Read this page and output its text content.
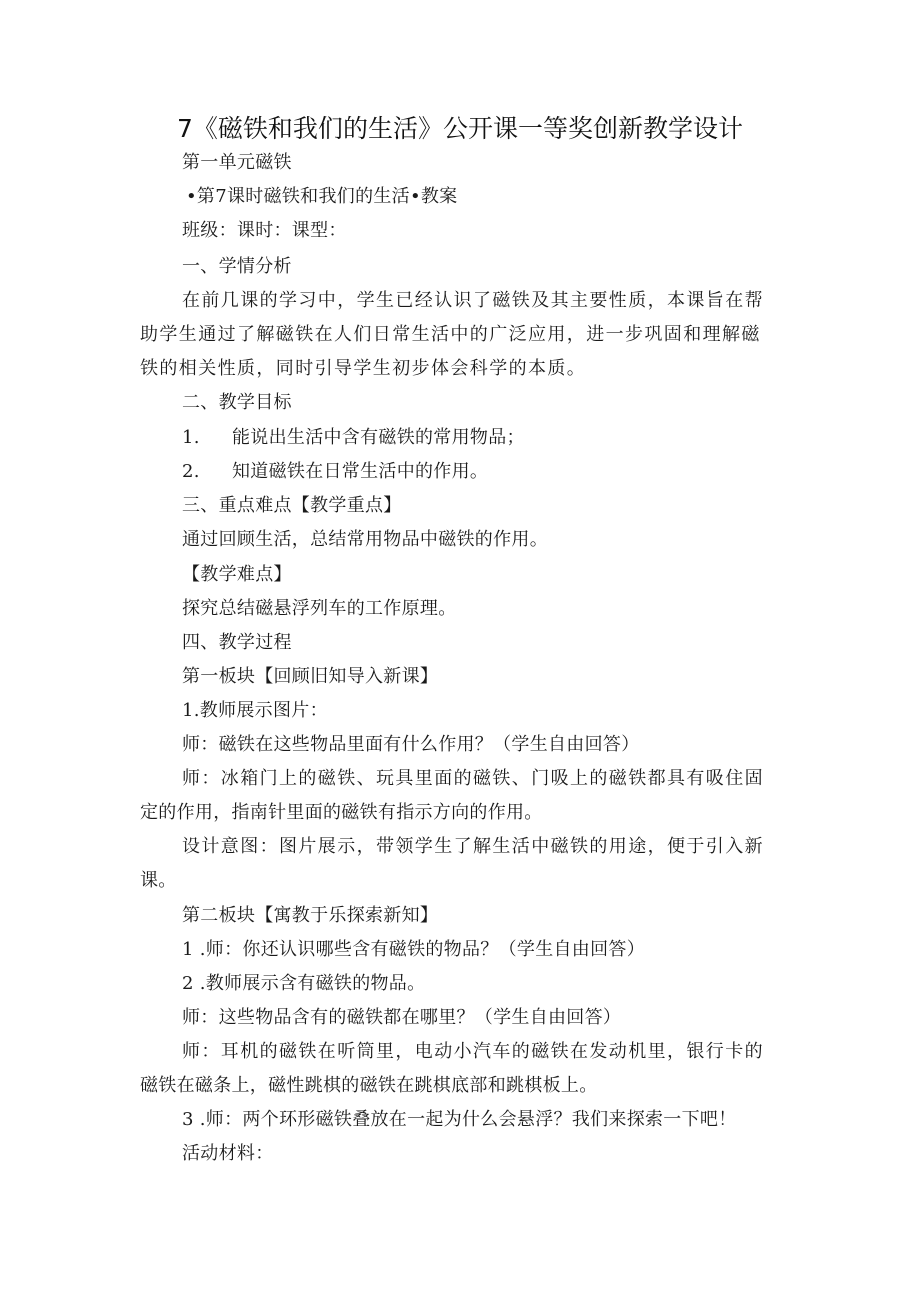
7《磁铁和我们的生活》公开课一等奖创新教学设计
第一单元磁铁
•第7课时磁铁和我们的生活•教案
班级：课时：课型：
一、学情分析
在前几课的学习中，学生已经认识了磁铁及其主要性质，本课旨在帮
助学生通过了解磁铁在人们日常生活中的广泛应用，进一步巩固和理解磁
铁的相关性质，同时引导学生初步体会科学的本质。
二、教学目标
1. 能说出生活中含有磁铁的常用物品；
2. 知道磁铁在日常生活中的作用。
三、重点难点【教学重点】
通过回顾生活，总结常用物品中磁铁的作用。
【教学难点】
探究总结磁悬浮列车的工作原理。
四、教学过程
第一板块【回顾旧知导入新课】
1.教师展示图片：
师：磁铁在这些物品里面有什么作用？（学生自由回答）
师：冰箱门上的磁铁、玩具里面的磁铁、门吸上的磁铁都具有吸住固
定的作用，指南针里面的磁铁有指示方向的作用。
设计意图：图片展示，带领学生了解生活中磁铁的用途，便于引入新
课。
第二板块【寓教于乐探索新知】
1 .师：你还认识哪些含有磁铁的物品？（学生自由回答）
2 .教师展示含有磁铁的物品。
师：这些物品含有的磁铁都在哪里？（学生自由回答）
师：耳机的磁铁在听筒里，电动小汽车的磁铁在发动机里，银行卡的
磁铁在磁条上，磁性跳棋的磁铁在跳棋底部和跳棋板上。
3 .师：两个环形磁铁叠放在一起为什么会悬浮？我们来探索一下吧！
活动材料：
